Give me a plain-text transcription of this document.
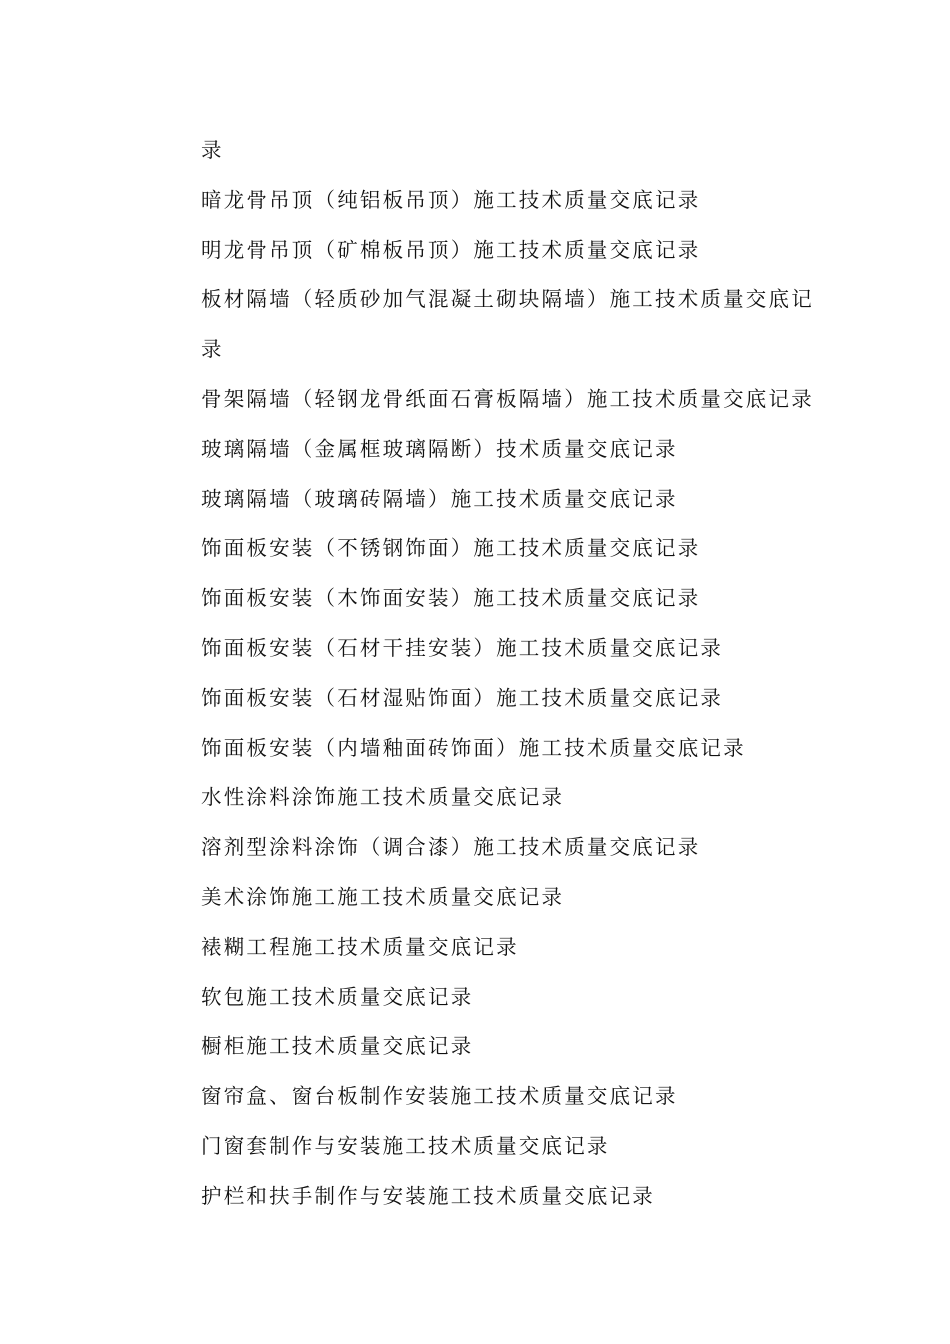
录
暗龙骨吊顶（纯铝板吊顶）施工技术质量交底记录
明龙骨吊顶（矿棉板吊顶）施工技术质量交底记录
板材隔墙（轻质砂加气混凝土砌块隔墙）施工技术质量交底记
录
骨架隔墙（轻钢龙骨纸面石膏板隔墙）施工技术质量交底记录
玻璃隔墙（金属框玻璃隔断）技术质量交底记录
玻璃隔墙（玻璃砖隔墙）施工技术质量交底记录
饰面板安装（不锈钢饰面）施工技术质量交底记录
饰面板安装（木饰面安装）施工技术质量交底记录
饰面板安装（石材干挂安装）施工技术质量交底记录
饰面板安装（石材湿贴饰面）施工技术质量交底记录
饰面板安装（内墙釉面砖饰面）施工技术质量交底记录
水性涂料涂饰施工技术质量交底记录
溶剂型涂料涂饰（调合漆）施工技术质量交底记录
美术涂饰施工施工技术质量交底记录
裱糊工程施工技术质量交底记录
软包施工技术质量交底记录
橱柜施工技术质量交底记录
窗帘盒、窗台板制作安装施工技术质量交底记录
门窗套制作与安装施工技术质量交底记录
护栏和扶手制作与安装施工技术质量交底记录
